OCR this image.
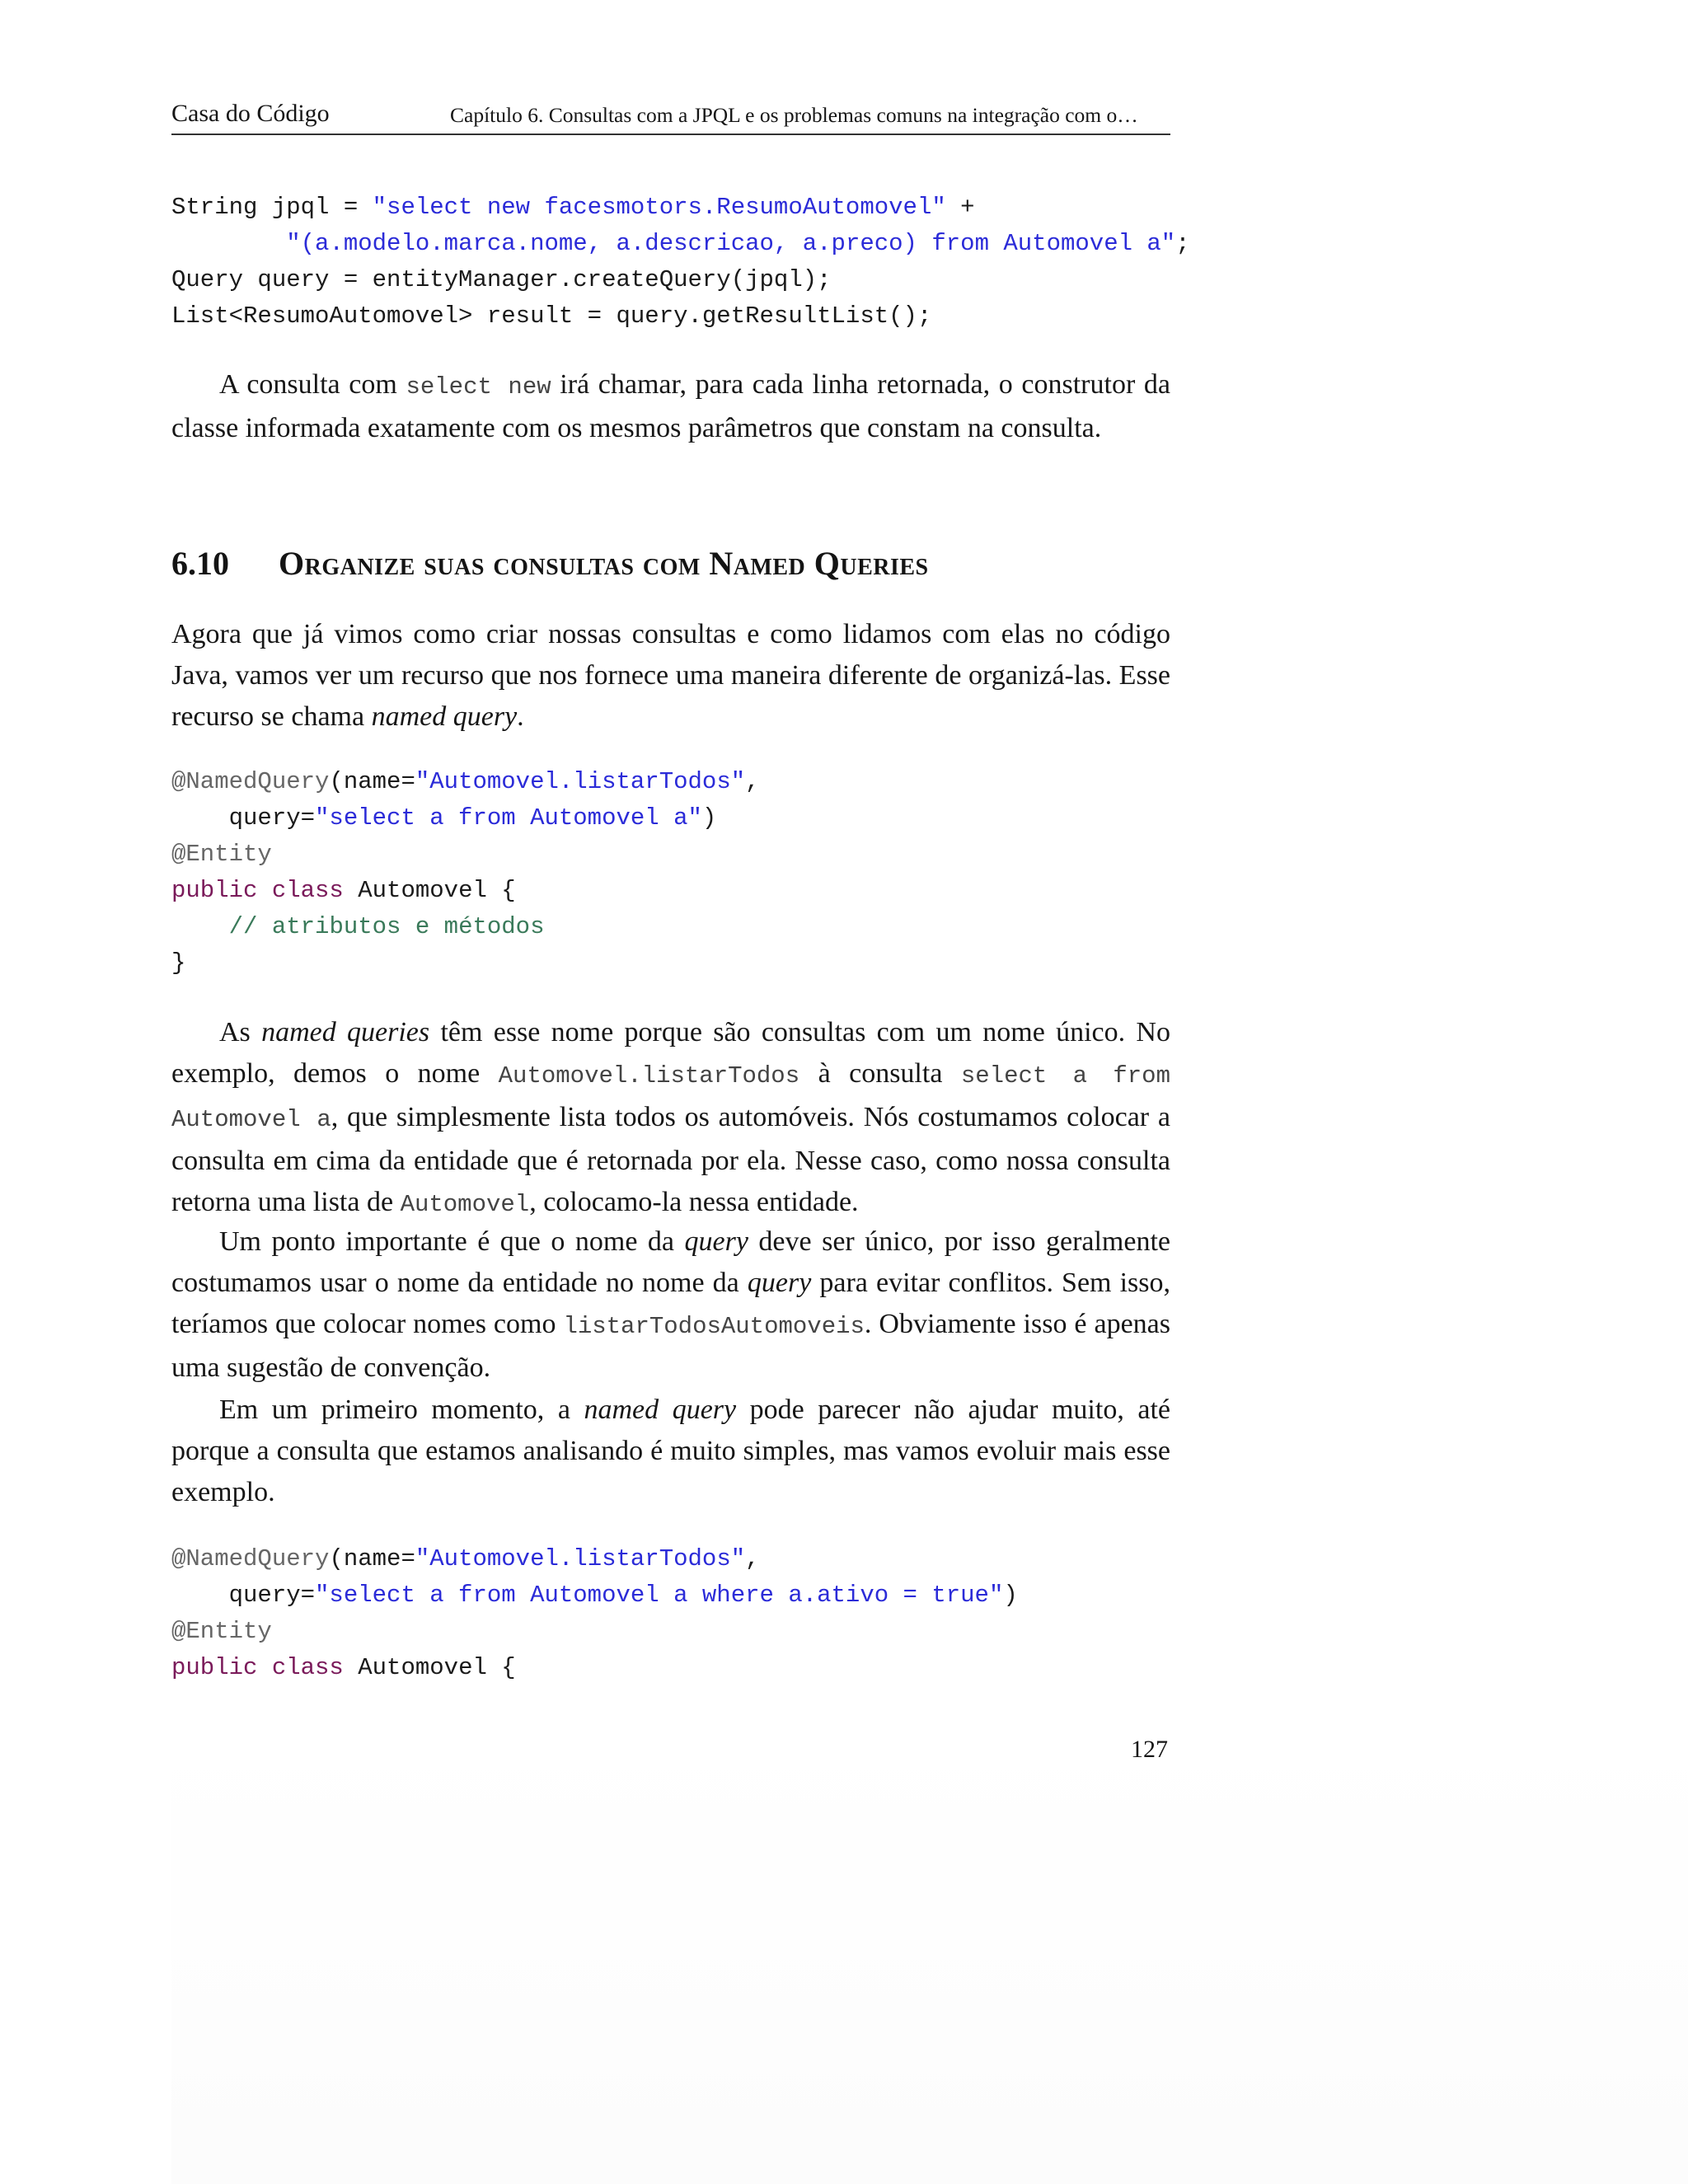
Casa do Código	Capítulo 6. Consultas com a JPQL e os problemas comuns na integração com o…
String jpql = "select new facesmotors.ResumoAutomovel" +
"(a.modelo.marca.nome, a.descricao, a.preco) from Automovel a";
Query query = entityManager.createQuery(jpql);
List<ResumoAutomovel> result = query.getResultList();

A consulta com select new irá chamar, para cada linha retornada, o construtor da classe informada exatamente com os mesmos parâmetros que constam na consulta.

6.10 Organize suas consultas com Named Queries

Agora que já vimos como criar nossas consultas e como lidamos com elas no código Java, vamos ver um recurso que nos fornece uma maneira diferente de organizá-las. Esse recurso se chama named query.

@NamedQuery(name="Automovel.listarTodos",
query="select a from Automovel a")
@Entity
public class Automovel {
// atributos e métodos
}

As named queries têm esse nome porque são consultas com um nome único. No exemplo, demos o nome Automovel.listarTodos à consulta select a from Automovel a, que simplesmente lista todos os automóveis. Nós costumamos colocar a consulta em cima da entidade que é retornada por ela. Nesse caso, como nossa consulta retorna uma lista de Automovel, colocamo-la nessa entidade.

Um ponto importante é que o nome da query deve ser único, por isso geralmente costumamos usar o nome da entidade no nome da query para evitar conflitos. Sem isso, teríamos que colocar nomes como listarTodosAutomoveis. Obviamente isso é apenas uma sugestão de convenção.

Em um primeiro momento, a named query pode parecer não ajudar muito, até porque a consulta que estamos analisando é muito simples, mas vamos evoluir mais esse exemplo.

@NamedQuery(name="Automovel.listarTodos",
query="select a from Automovel a where a.ativo = true")
@Entity
public class Automovel {
127
